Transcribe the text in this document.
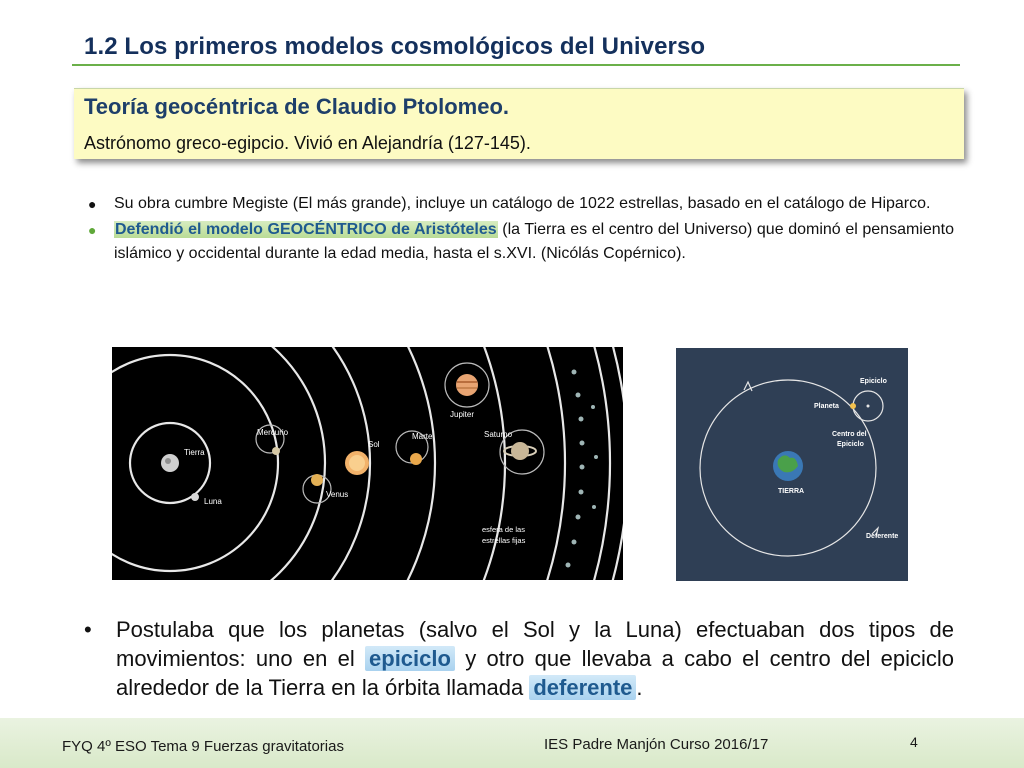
1.2 Los primeros modelos cosmológicos del Universo
Teoría geocéntrica de Claudio Ptolomeo.
Astrónomo greco-egipcio. Vivió en Alejandría (127-145).
● Su obra cumbre Megiste (El más grande), incluye un catálogo de 1022 estrellas, basado en el catálogo de Hiparco.
● Defendió el modelo GEOCÉNTRICO de Aristóteles (la Tierra es el centro del Universo) que dominó el pensamiento islámico y occidental durante la edad media, hasta el s.XVI. (Nicólás Copérnico).
Tierra
Luna
Mercurio
Venus
Sol
Marte
Jupiter
Saturno
esfera de las
estrellas fijas
Epiciclo
Planeta
Centro del
Epiciclo
TIERRA
Deferente
• Postulaba que los planetas (salvo el Sol y la Luna) efectuaban dos tipos de movimientos: uno en el epiciclo y otro que llevaba a cabo el centro del epiciclo alrededor de la Tierra en la órbita llamada deferente .
FYQ 4º ESO Tema 9 Fuerzas gravitatorias	IES Padre Manjón Curso 2016/17	4
